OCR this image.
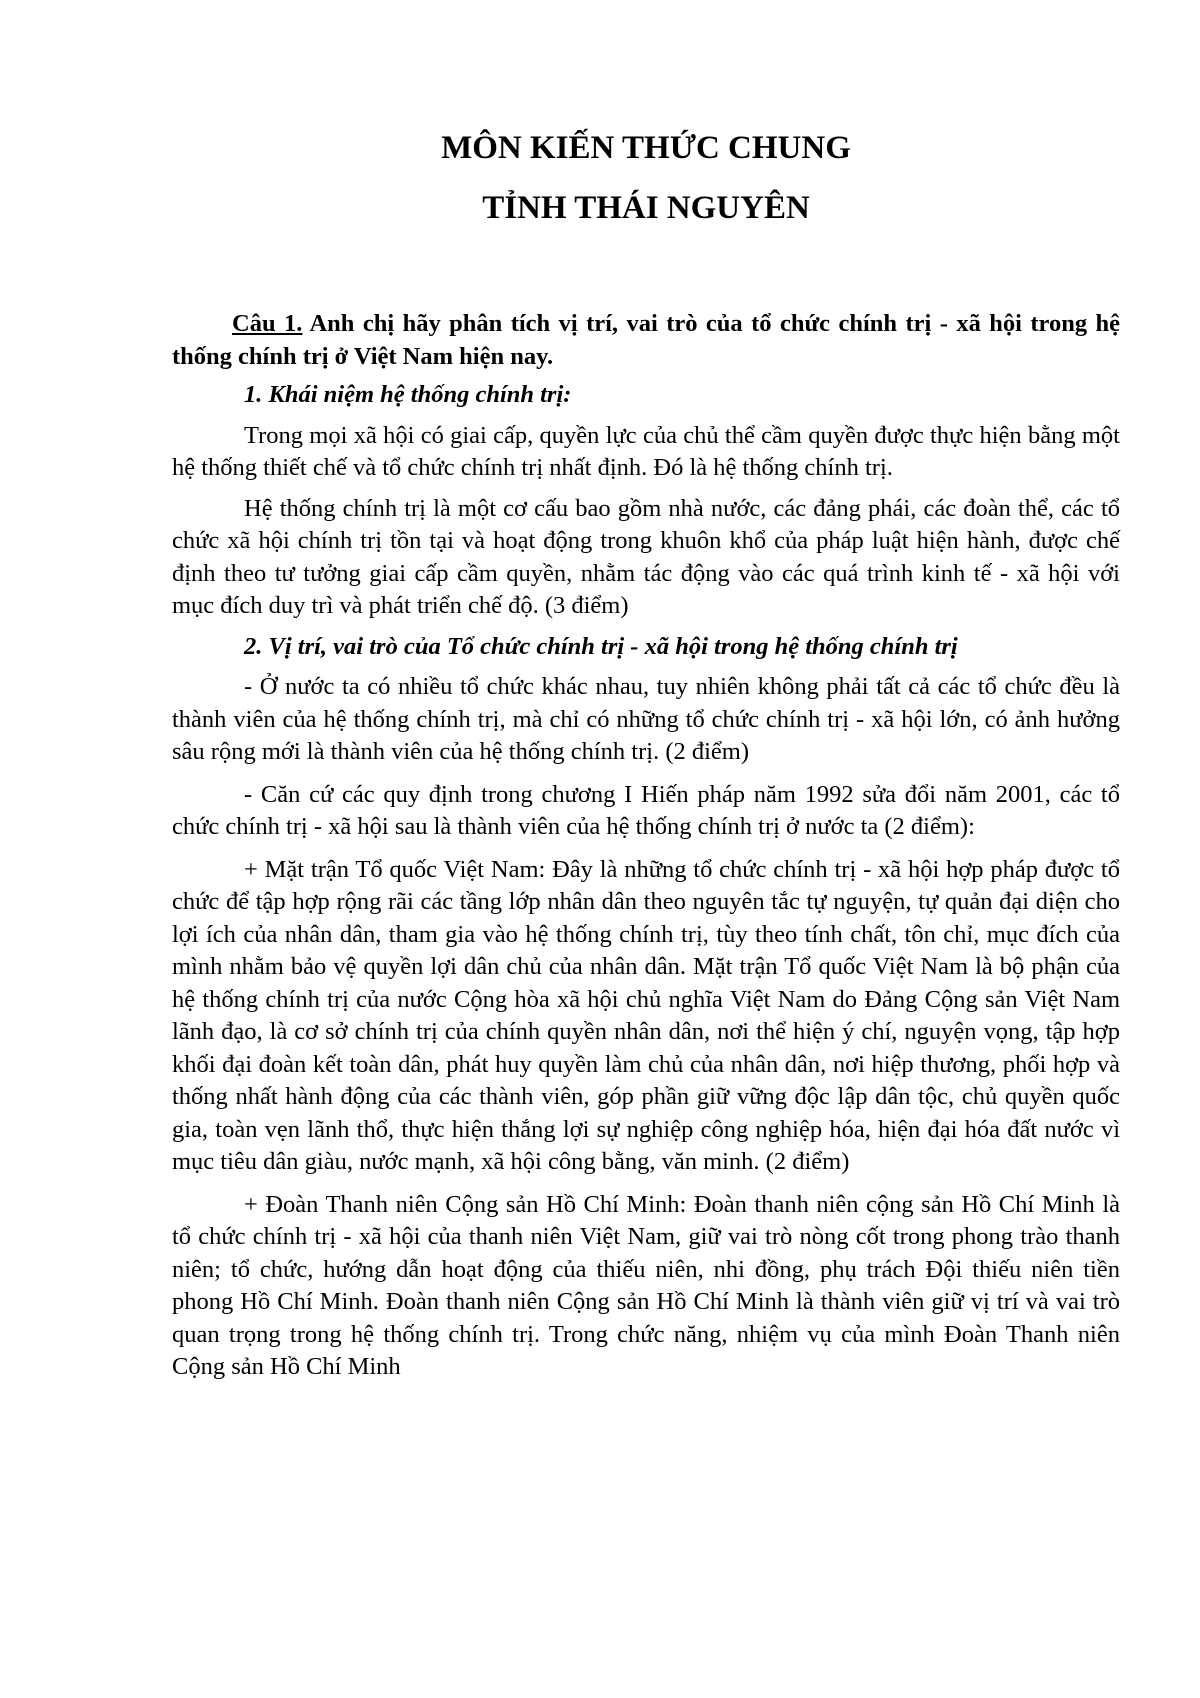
MÔN KIẾN THỨC CHUNG
TỈNH THÁI NGUYÊN

Câu 1. Anh chị hãy phân tích vị trí, vai trò của tổ chức chính trị - xã hội trong hệ thống chính trị ở Việt Nam hiện nay.

1. Khái niệm hệ thống chính trị:

Trong mọi xã hội có giai cấp, quyền lực của chủ thể cầm quyền được thực hiện bằng một hệ thống thiết chế và tổ chức chính trị nhất định. Đó là hệ thống chính trị.

Hệ thống chính trị là một cơ cấu bao gồm nhà nước, các đảng phái, các đoàn thể, các tổ chức xã hội chính trị tồn tại và hoạt động trong khuôn khổ của pháp luật hiện hành, được chế định theo tư tưởng giai cấp cầm quyền, nhằm tác động vào các quá trình kinh tế - xã hội với mục đích duy trì và phát triển chế độ. (3 điểm)

2. Vị trí, vai trò của Tổ chức chính trị - xã hội trong hệ thống chính trị

- Ở nước ta có nhiều tổ chức khác nhau, tuy nhiên không phải tất cả các tổ chức đều là thành viên của hệ thống chính trị, mà chỉ có những tổ chức chính trị - xã hội lớn, có ảnh hưởng sâu rộng mới là thành viên của hệ thống chính trị. (2 điểm)

- Căn cứ các quy định trong chương I Hiến pháp năm 1992 sửa đổi năm 2001, các tổ chức chính trị - xã hội sau là thành viên của hệ thống chính trị ở nước ta (2 điểm):

+ Mặt trận Tổ quốc Việt Nam: Đây là những tổ chức chính trị - xã hội hợp pháp được tổ chức để tập hợp rộng rãi các tầng lớp nhân dân theo nguyên tắc tự nguyện, tự quản đại diện cho lợi ích của nhân dân, tham gia vào hệ thống chính trị, tùy theo tính chất, tôn chỉ, mục đích của mình nhằm bảo vệ quyền lợi dân chủ của nhân dân. Mặt trận Tổ quốc Việt Nam là bộ phận của hệ thống chính trị của nước Cộng hòa xã hội chủ nghĩa Việt Nam do Đảng Cộng sản Việt Nam lãnh đạo, là cơ sở chính trị của chính quyền nhân dân, nơi thể hiện ý chí, nguyện vọng, tập hợp khối đại đoàn kết toàn dân, phát huy quyền làm chủ của nhân dân, nơi hiệp thương, phối hợp và thống nhất hành động của các thành viên, góp phần giữ vững độc lập dân tộc, chủ quyền quốc gia, toàn vẹn lãnh thổ, thực hiện thắng lợi sự nghiệp công nghiệp hóa, hiện đại hóa đất nước vì mục tiêu dân giàu, nước mạnh, xã hội công bằng, văn minh. (2 điểm)

+ Đoàn Thanh niên Cộng sản Hồ Chí Minh: Đoàn thanh niên cộng sản Hồ Chí Minh là tổ chức chính trị - xã hội của thanh niên Việt Nam, giữ vai trò nòng cốt trong phong trào thanh niên; tổ chức, hướng dẫn hoạt động của thiếu niên, nhi đồng, phụ trách Đội thiếu niên tiền phong Hồ Chí Minh. Đoàn thanh niên Cộng sản Hồ Chí Minh là thành viên giữ vị trí và vai trò quan trọng trong hệ thống chính trị. Trong chức năng, nhiệm vụ của mình Đoàn Thanh niên Cộng sản Hồ Chí Minh
